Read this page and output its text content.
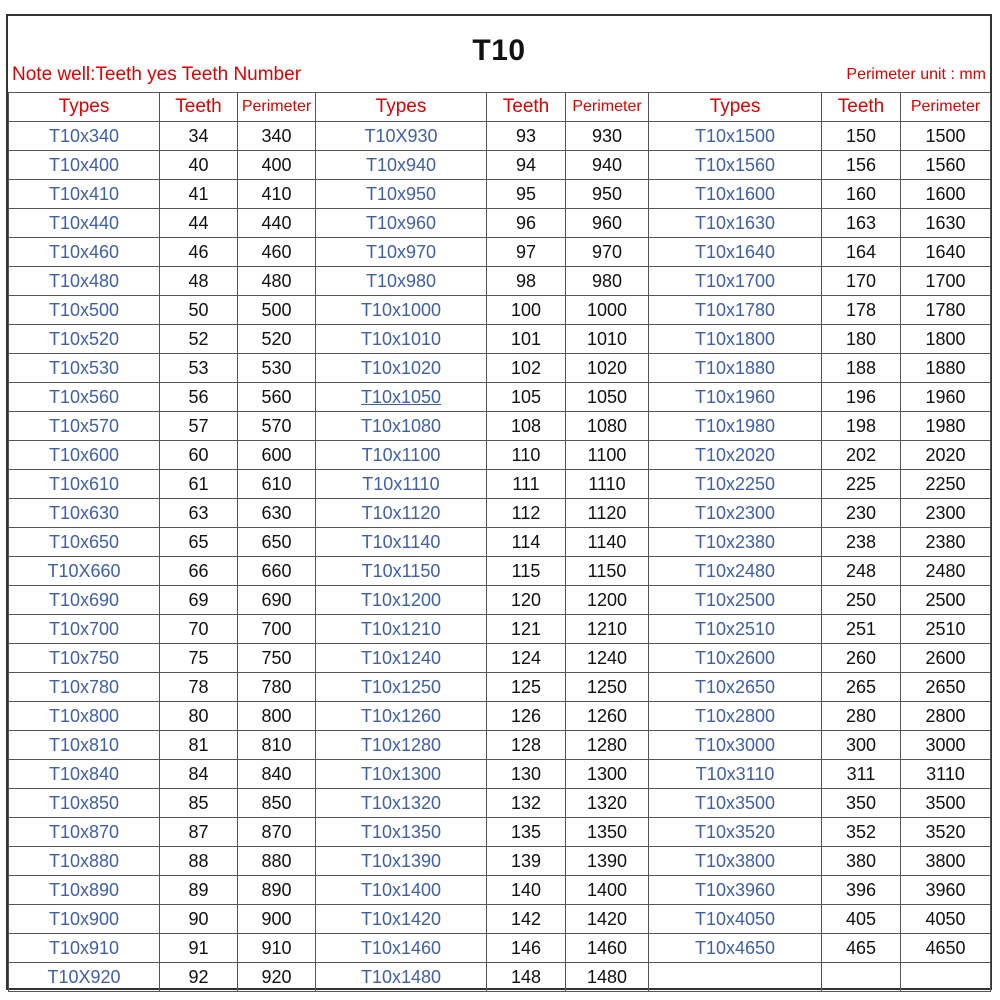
T10
Note well:Teeth yes Teeth Number	Perimeter unit : mm
Types	Teeth	Perimeter	Types	Teeth	Perimeter	Types	Teeth	Perimeter
T10x340	34	340	T10X930	93	930	T10x1500	150	1500
T10x400	40	400	T10x940	94	940	T10x1560	156	1560
T10x410	41	410	T10x950	95	950	T10x1600	160	1600
T10x440	44	440	T10x960	96	960	T10x1630	163	1630
T10x460	46	460	T10x970	97	970	T10x1640	164	1640
T10x480	48	480	T10x980	98	980	T10x1700	170	1700
T10x500	50	500	T10x1000	100	1000	T10x1780	178	1780
T10x520	52	520	T10x1010	101	1010	T10x1800	180	1800
T10x530	53	530	T10x1020	102	1020	T10x1880	188	1880
T10x560	56	560	T10x1050	105	1050	T10x1960	196	1960
T10x570	57	570	T10x1080	108	1080	T10x1980	198	1980
T10x600	60	600	T10x1100	110	1100	T10x2020	202	2020
T10x610	61	610	T10x1110	111	1110	T10x2250	225	2250
T10x630	63	630	T10x1120	112	1120	T10x2300	230	2300
T10x650	65	650	T10x1140	114	1140	T10x2380	238	2380
T10X660	66	660	T10x1150	115	1150	T10x2480	248	2480
T10x690	69	690	T10x1200	120	1200	T10x2500	250	2500
T10x700	70	700	T10x1210	121	1210	T10x2510	251	2510
T10x750	75	750	T10x1240	124	1240	T10x2600	260	2600
T10x780	78	780	T10x1250	125	1250	T10x2650	265	2650
T10x800	80	800	T10x1260	126	1260	T10x2800	280	2800
T10x810	81	810	T10x1280	128	1280	T10x3000	300	3000
T10x840	84	840	T10x1300	130	1300	T10x3110	311	3110
T10x850	85	850	T10x1320	132	1320	T10x3500	350	3500
T10x870	87	870	T10x1350	135	1350	T10x3520	352	3520
T10x880	88	880	T10x1390	139	1390	T10x3800	380	3800
T10x890	89	890	T10x1400	140	1400	T10x3960	396	3960
T10x900	90	900	T10x1420	142	1420	T10x4050	405	4050
T10x910	91	910	T10x1460	146	1460	T10x4650	465	4650
T10X920	92	920	T10x1480	148	1480			
